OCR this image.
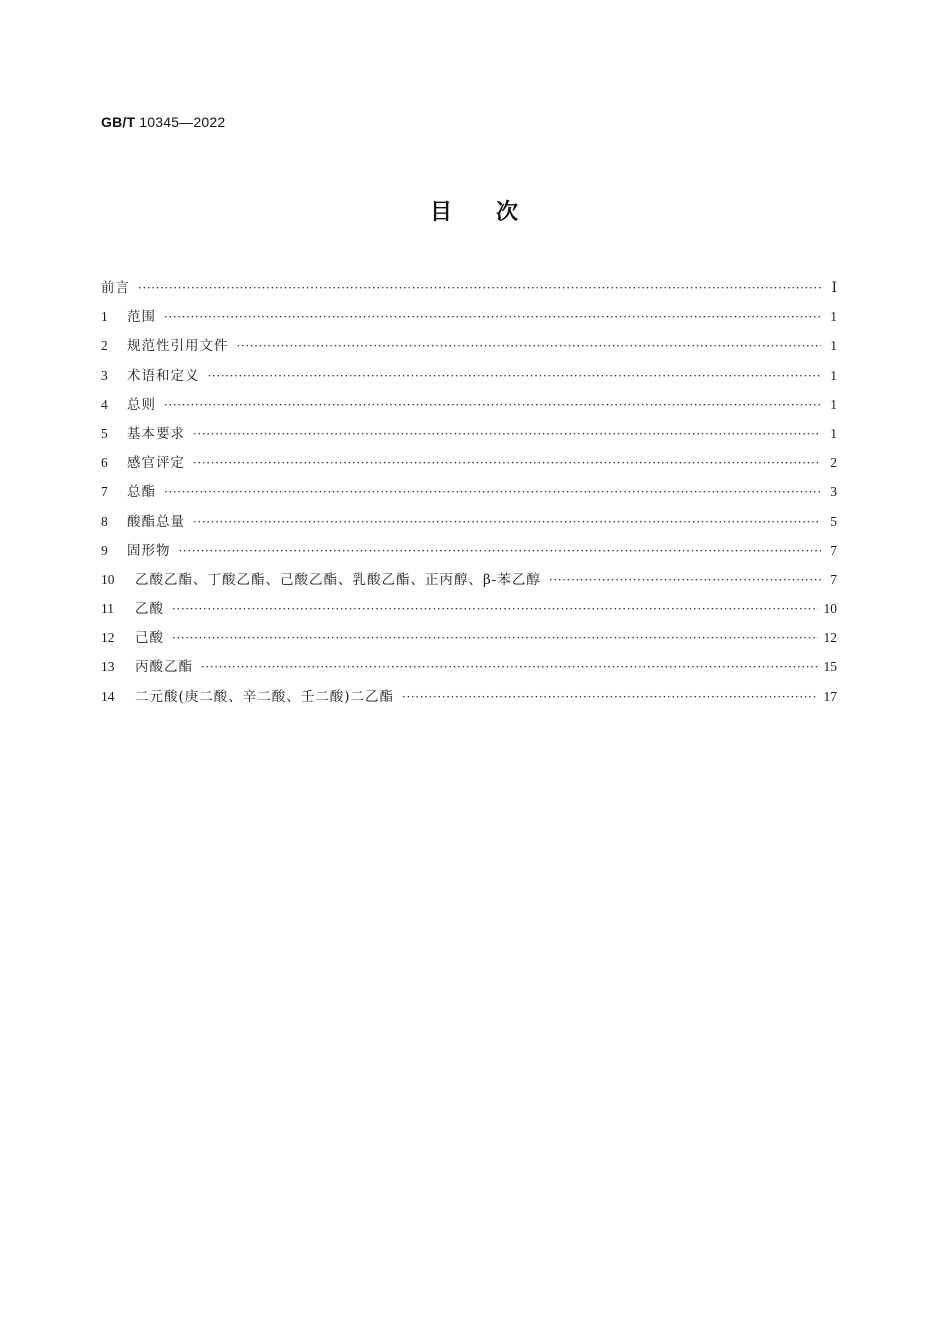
GB/T 10345—2022
目 次
前言 ·····	Ⅰ
1	范围 ·····	1
2	规范性引用文件 ·····	1
3	术语和定义 ·····	1
4	总则 ·····	1
5	基本要求 ·····	1
6	感官评定 ·····	2
7	总酯 ·····	3
8	酸酯总量 ·····	5
9	固形物 ·····	7
10	乙酸乙酯、丁酸乙酯、己酸乙酯、乳酸乙酯、正丙醇、β-苯乙醇 ·····	7
11	乙酸 ·····	10
12	己酸 ·····	12
13	丙酸乙酯 ·····	15
14	二元酸(庚二酸、辛二酸、壬二酸)二乙酯 ·····	17
